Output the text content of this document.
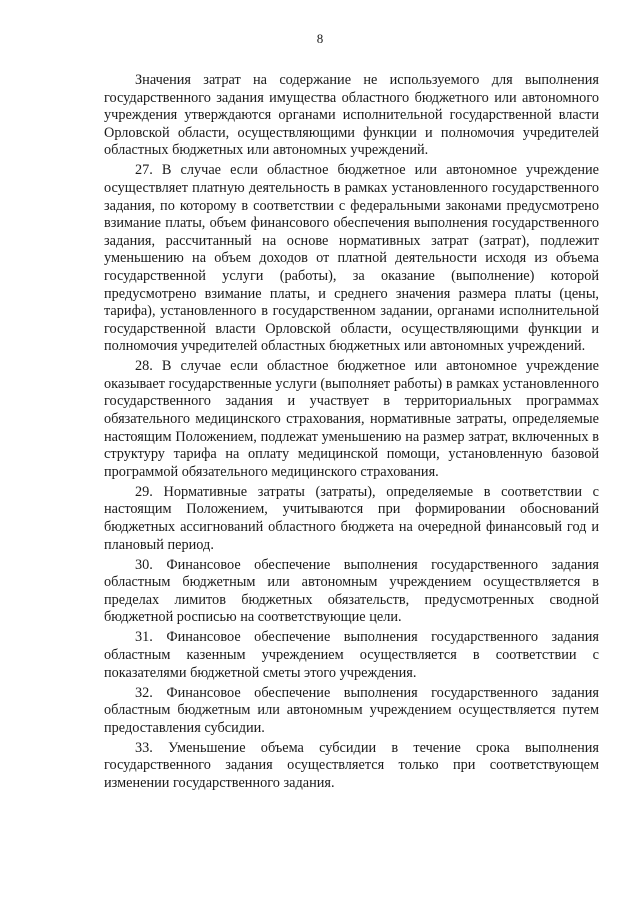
8

Значения затрат на содержание не используемого для выполнения государственного задания имущества областного бюджетного или автономного учреждения утверждаются органами исполнительной государственной власти Орловской области, осуществляющими функции и полномочия учредителей областных бюджетных или автономных учреждений.

27. В случае если областное бюджетное или автономное учреждение осуществляет платную деятельность в рамках установленного государственного задания, по которому в соответствии с федеральными законами предусмотрено взимание платы, объем финансового обеспечения выполнения государственного задания, рассчитанный на основе нормативных затрат (затрат), подлежит уменьшению на объем доходов от платной деятельности исходя из объема государственной услуги (работы), за оказание (выполнение) которой предусмотрено взимание платы, и среднего значения размера платы (цены, тарифа), установленного в государственном задании, органами исполнительной государственной власти Орловской области, осуществляющими функции и полномочия учредителей областных бюджетных или автономных учреждений.

28. В случае если областное бюджетное или автономное учреждение оказывает государственные услуги (выполняет работы) в рамках установленного государственного задания и участвует в территориальных программах обязательного медицинского страхования, нормативные затраты, определяемые настоящим Положением, подлежат уменьшению на размер затрат, включенных в структуру тарифа на оплату медицинской помощи, установленную базовой программой обязательного медицинского страхования.

29. Нормативные затраты (затраты), определяемые в соответствии с настоящим Положением, учитываются при формировании обоснований бюджетных ассигнований областного бюджета на очередной финансовый год и плановый период.

30. Финансовое обеспечение выполнения государственного задания областным бюджетным или автономным учреждением осуществляется в пределах лимитов бюджетных обязательств, предусмотренных сводной бюджетной росписью на соответствующие цели.

31. Финансовое обеспечение выполнения государственного задания областным казенным учреждением осуществляется в соответствии с показателями бюджетной сметы этого учреждения.

32. Финансовое обеспечение выполнения государственного задания областным бюджетным или автономным учреждением осуществляется путем предоставления субсидии.

33. Уменьшение объема субсидии в течение срока выполнения государственного задания осуществляется только при соответствующем изменении государственного задания.
